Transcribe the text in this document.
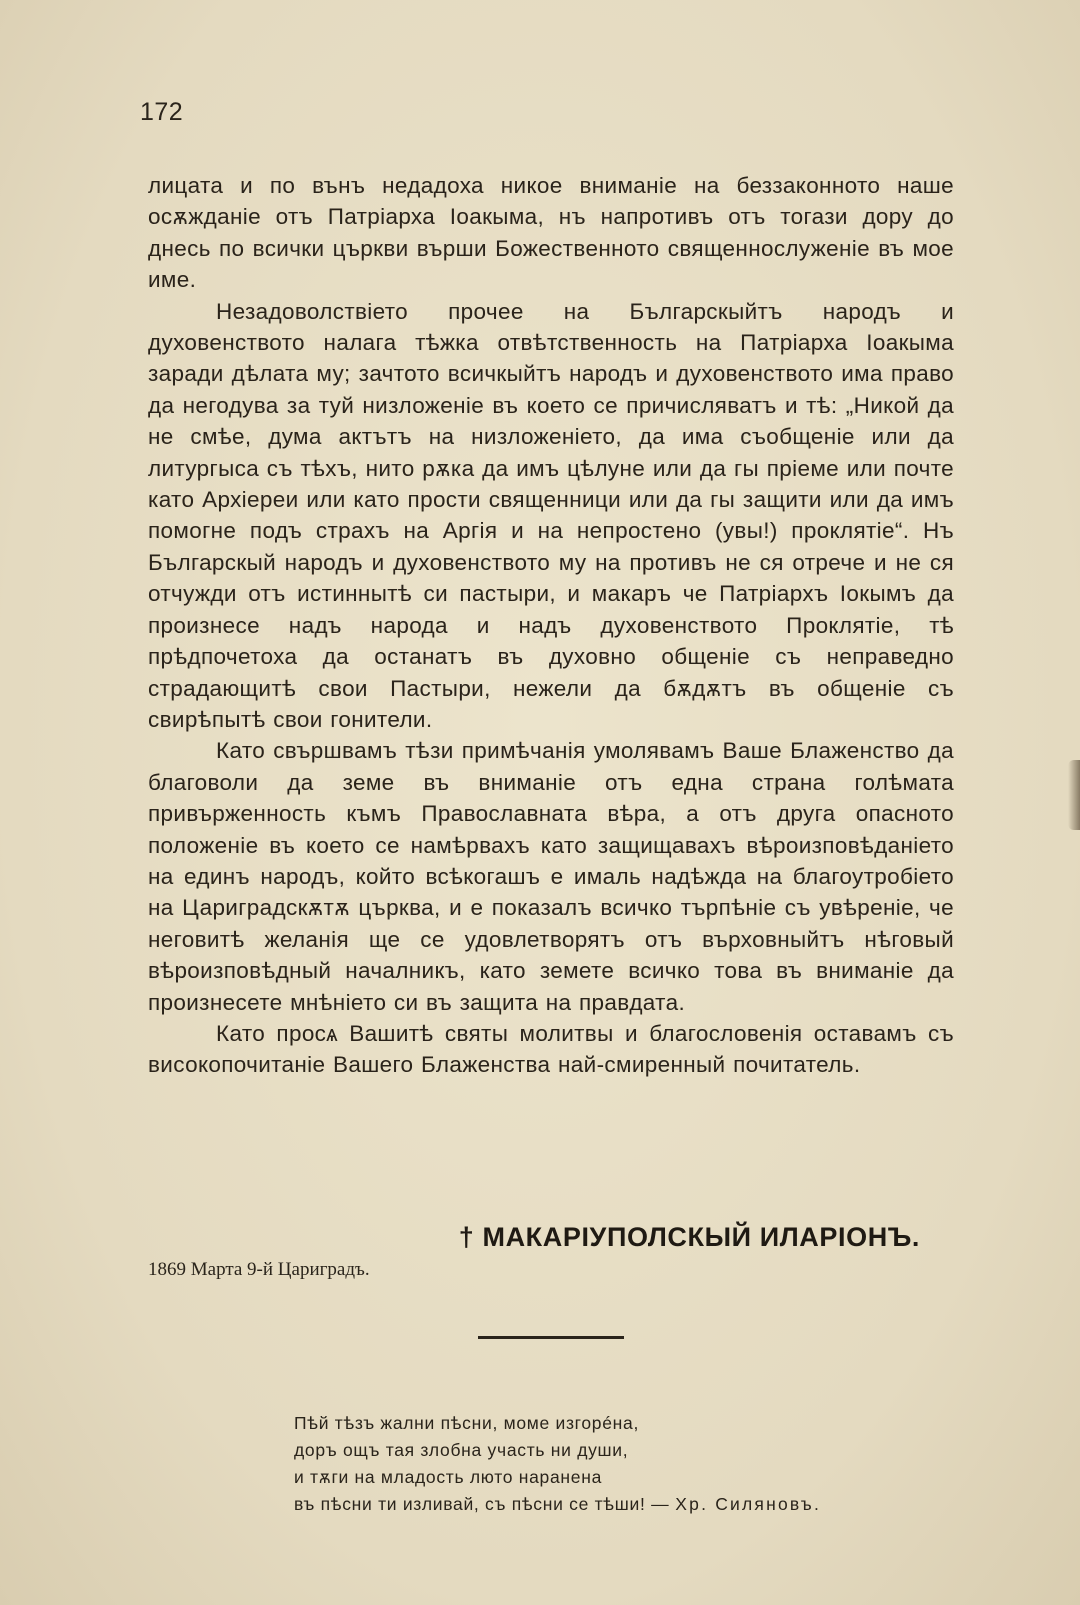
172

лицата и по вънъ недадоха никое вниманіе на беззаконното наше осѫжданіе отъ Патріарха Іоакыма, нъ напротивъ отъ тогази дору до днесь по всички църкви върши Божественното священнослуженіе въ мое име.

Незадоволствіето прочее на Българскыйтъ народъ и духовенството налага тѣжка отвѣтственность на Патріарха Іоакыма заради дѣлата му; зачтото всичкыйтъ народъ и духовенството има право да негодува за туй низложеніе въ което се причисляватъ и тѣ: „Никой да не смѣе, дума актътъ на низложеніето, да има съобщеніе или да литургыса съ тѣхъ, нито рѫка да имъ цѣлуне или да гы пріеме или почте като Архіереи или като прости священници или да гы защити или да имъ помогне подъ страхъ на Аргія и на непростено (увы!) проклятіе“. Нъ Българскый народъ и духовенството му на противъ не ся отрече и не ся отчужди отъ истиннытѣ си пастыри, и макаръ че Патріархъ Іокымъ да произнесе надъ народа и надъ духовенството Проклятіе, тѣ прѣдпочетоха да останатъ въ духовно общеніе съ неправедно страдающитѣ свои Пастыри, нежели да бѫдѫтъ въ общеніе съ свирѣпытѣ свои гонители.

Като свършвамъ тѣзи примѣчанія умолявамъ Ваше Блаженство да благоволи да земе въ вниманіе отъ една страна голѣмата привърженность къмъ Православната вѣра, а отъ друга опасното положеніе въ което се намѣрвахъ като защищавахъ вѣроизповѣданіето на единъ народъ, който всѣкогашъ е ималь надѣжда на благоутробіето на Цариградскѫтѫ църква, и е показалъ всичко търпѣніе съ увѣреніе, че неговитѣ желанія ще се удовлетворятъ отъ върховныйтъ нѣговый вѣроизповѣдный началникъ, като земете всичко това въ вниманіе да произнесете мнѣніето си въ защита на правдата.

Като просѧ Вашитѣ святы молитвы и благословенія оставамъ съ високопочитаніе Вашего Блаженства най-смиренный почитатель.

† МАКАРІУПОЛСКЫЙ ИЛАРІОНЪ.
1869 Марта 9-й Цариградъ.
Пѣй тѣзъ жални пѣсни, моме изгорéна,
доръ ощъ тая злобна участь ни души,
и тѫги на младость люто наранена
въ пѣсни ти изливай, съ пѣсни се тѣши! — Хр. Силяновъ.
